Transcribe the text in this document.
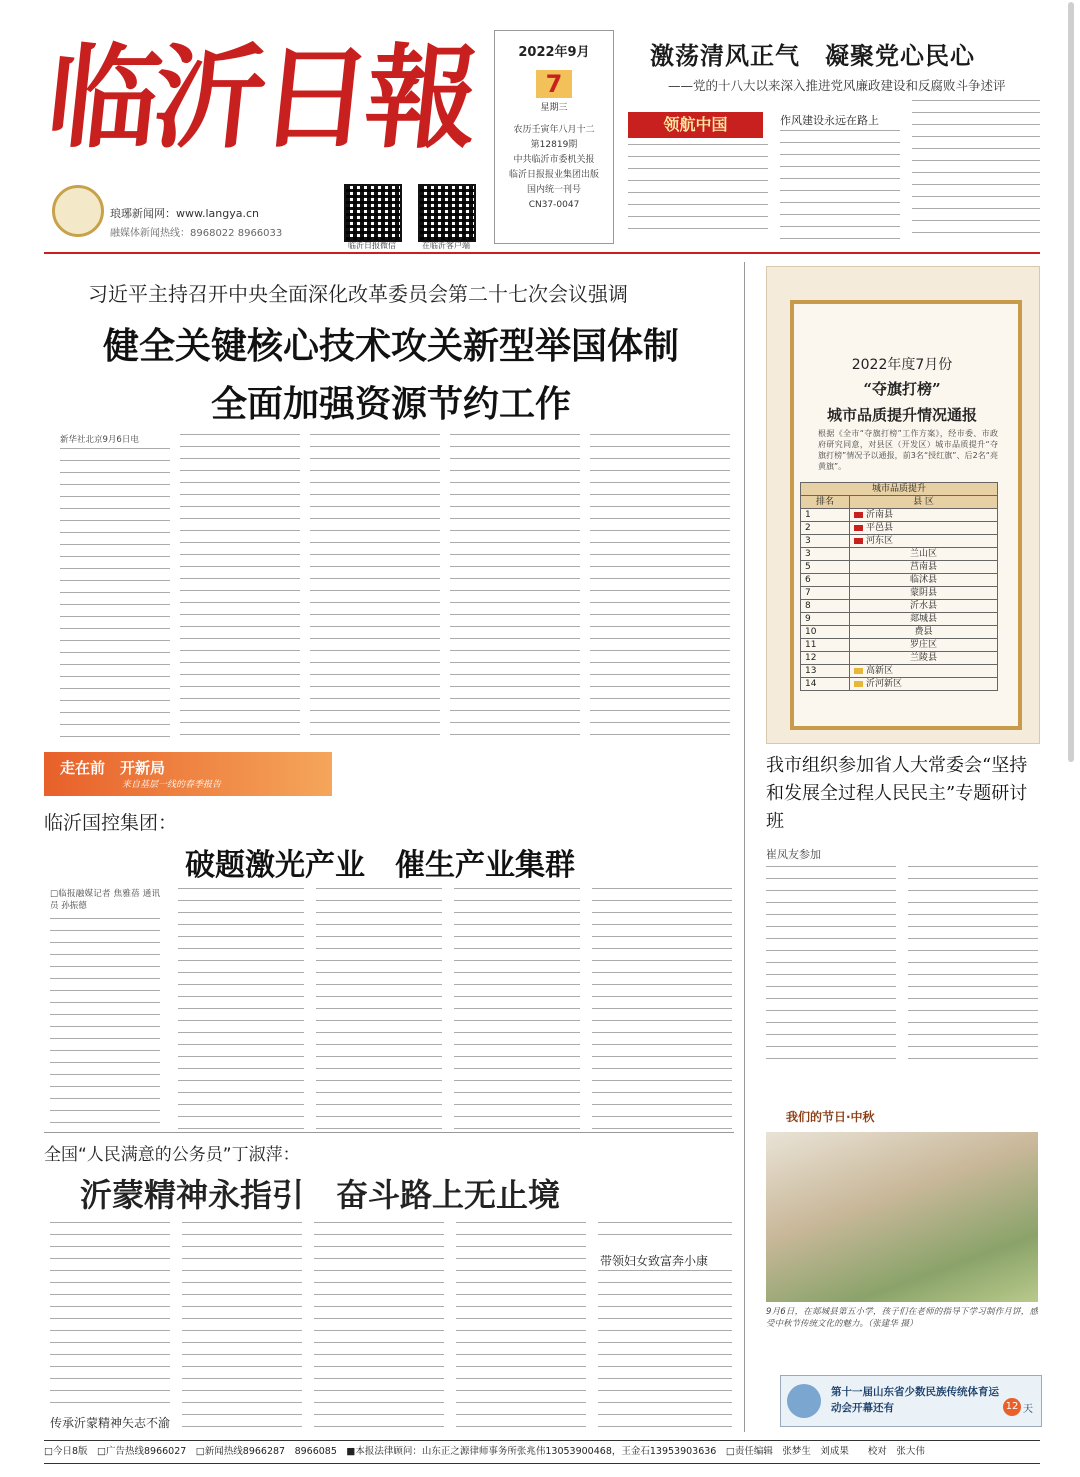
临沂日報
琅琊新闻网：www.langya.cn
融媒体新闻热线：8968022 8966033
临沂日报微信	在临沂客户端
2022年9月
7
星期三
农历壬寅年八月十二
第12819期
中共临沂市委机关报
临沂日报报业集团出版
国内统一刊号
CN37-0047
激荡清风正气　凝聚党心民心
——党的十八大以来深入推进党风廉政建设和反腐败斗争述评
领航中国	作风建设永远在路上
习近平主持召开中央全面深化改革委员会第二十七次会议强调
健全关键核心技术攻关新型举国体制
全面加强资源节约工作
新华社北京9月6日电
2022年度7月份
“夺旗打榜”
城市品质提升情况通报
根据《全市“夺旗打榜”工作方案》，经市委、市政府研究同意，对县区（开发区）城市品质提升“夺旗打榜”情况予以通报，前3名“授红旗”、后2名“亮黄旗”。
城市品质提升	
排名	县 区
1	沂南县
2	平邑县
3	河东区
3	兰山区
5	莒南县
6	临沭县
7	蒙阴县
8	沂水县
9	郯城县
10	费县
11	罗庄区
12	兰陵县
13	高新区
14	沂河新区
走在前　开新局
来自基层一线的春季报告
临沂国控集团：
破题激光产业　催生产业集群
□临报融媒记者 焦雅蓓 通讯员 孙振德
我市组织参加省人大常委会“坚持和发展全过程人民民主”专题研讨班
崔凤友参加
全国“人民满意的公务员”丁淑萍：
沂蒙精神永指引　奋斗路上无止境
带领妇女致富奔小康
传承沂蒙精神矢志不渝
我们的节日·中秋
9月6日，在郯城县第五小学，孩子们在老师的指导下学习制作月饼，感受中秋节传统文化的魅力。（张建华 摄）
第十一届山东省少数民族传统体育运动会开幕还有	12 天
□今日8版　□广告热线8966027　□新闻热线8966287　8966085　■本报法律顾问：山东正之源律师事务所张兆伟13053900468，王金石13953903636　□责任编辑　张梦生　刘成果　　校对　张大伟
